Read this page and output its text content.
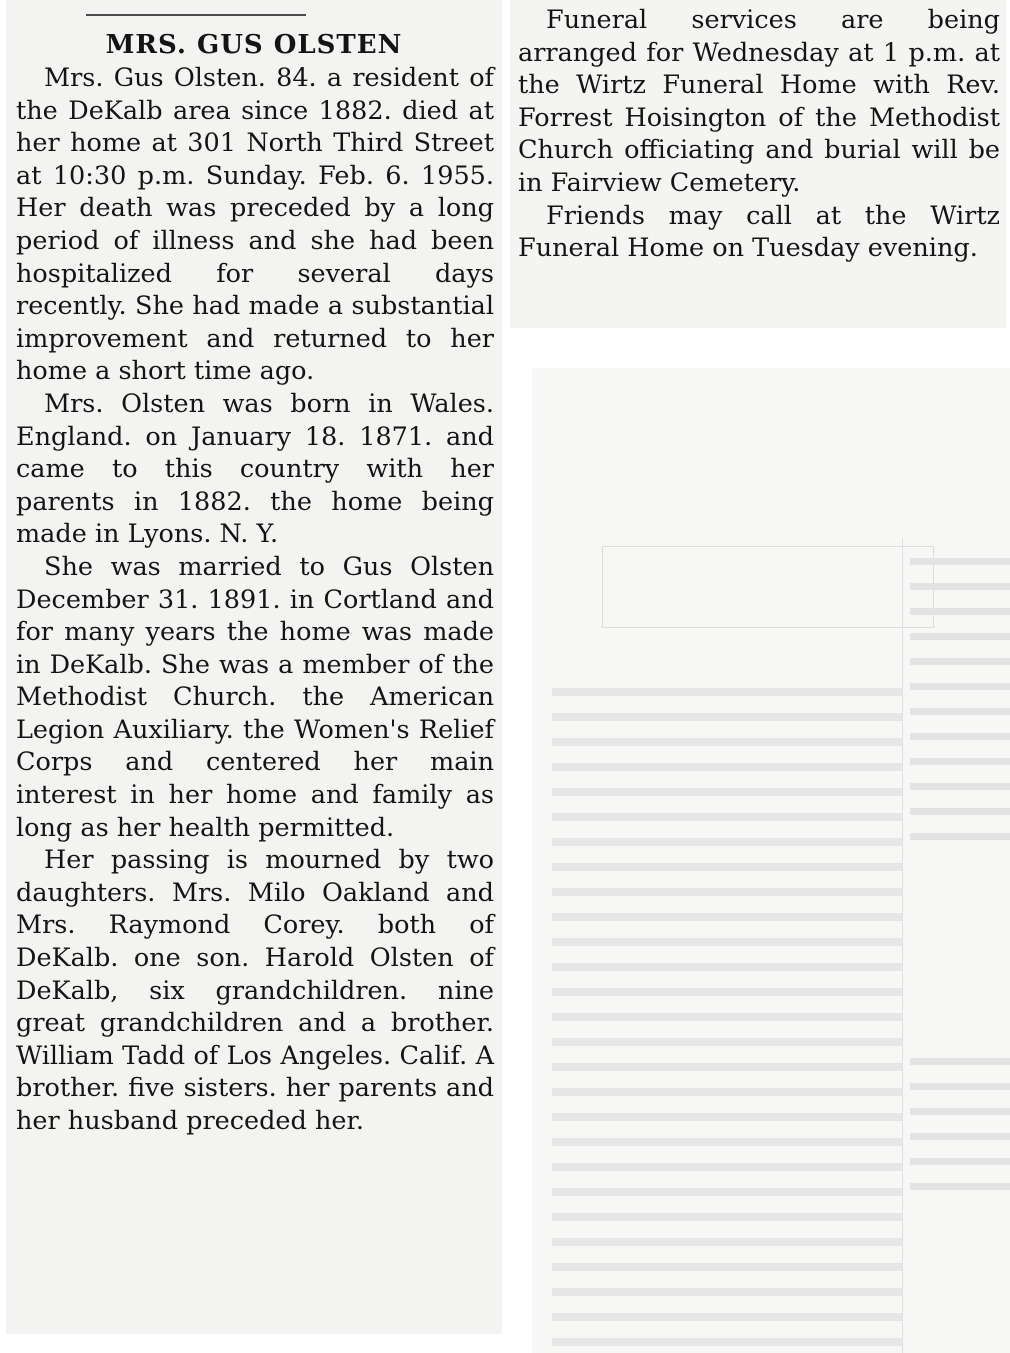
MRS. GUS OLSTEN

Mrs. Gus Olsten. 84. a resident of the DeKalb area since 1882. died at her home at 301 North Third Street at 10:30 p.m. Sunday. Feb. 6. 1955. Her death was preceded by a long period of illness and she had been hospitalized for several days recently. She had made a substantial improvement and returned to her home a short time ago.

Mrs. Olsten was born in Wales. England. on January 18. 1871. and came to this country with her parents in 1882. the home being made in Lyons. N. Y.

She was married to Gus Olsten December 31. 1891. in Cortland and for many years the home was made in DeKalb. She was a member of the Methodist Church. the American Legion Auxiliary. the Women's Relief Corps and centered her main interest in her home and family as long as her health permitted.

Her passing is mourned by two daughters. Mrs. Milo Oakland and Mrs. Raymond Corey. both of DeKalb. one son. Harold Olsten of DeKalb, six grandchildren. nine great grandchildren and a brother. William Tadd of Los Angeles. Calif. A brother. five sisters. her parents and her husband preceded her.

Funeral services are being arranged for Wednesday at 1 p.m. at the Wirtz Funeral Home with Rev. Forrest Hoisington of the Methodist Church officiating and burial will be in Fairview Cemetery.

Friends may call at the Wirtz Funeral Home on Tuesday evening.
